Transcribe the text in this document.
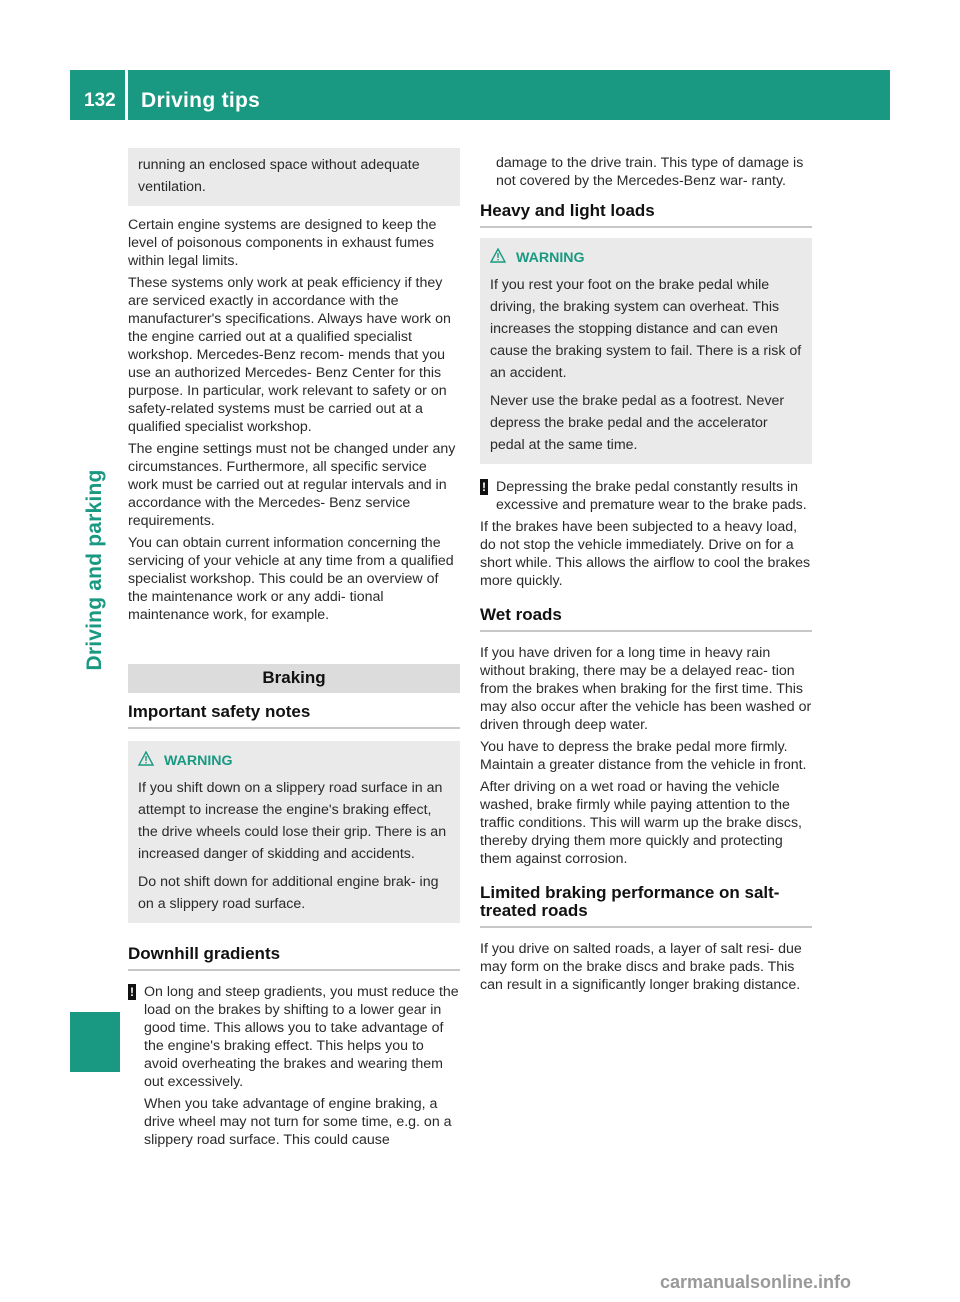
132 Driving tips
Driving and parking

running an enclosed space without adequate ventilation.

Certain engine systems are designed to keep the level of poisonous components in exhaust fumes within legal limits.

These systems only work at peak efficiency if they are serviced exactly in accordance with the manufacturer's specifications. Always have work on the engine carried out at a qualified specialist workshop. Mercedes-Benz recom- mends that you use an authorized Mercedes- Benz Center for this purpose. In particular, work relevant to safety or on safety-related systems must be carried out at a qualified specialist workshop.

The engine settings must not be changed under any circumstances. Furthermore, all specific service work must be carried out at regular intervals and in accordance with the Mercedes- Benz service requirements.

You can obtain current information concerning the servicing of your vehicle at any time from a qualified specialist workshop. This could be an overview of the maintenance work or any addi- tional maintenance work, for example.

Braking
Important safety notes
WARNING

If you shift down on a slippery road surface in an attempt to increase the engine's braking effect, the drive wheels could lose their grip. There is an increased danger of skidding and accidents.

Do not shift down for additional engine brak- ing on a slippery road surface.

Downhill gradients
! On long and steep gradients, you must reduce the load on the brakes by shifting to a lower gear in good time. This allows you to take advantage of the engine's braking effect. This helps you to avoid overheating the brakes and wearing them out excessively.

When you take advantage of engine braking, a drive wheel may not turn for some time, e.g. on a slippery road surface. This could cause

damage to the drive train. This type of damage is not covered by the Mercedes-Benz war- ranty.

Heavy and light loads
WARNING

If you rest your foot on the brake pedal while driving, the braking system can overheat. This increases the stopping distance and can even cause the braking system to fail. There is a risk of an accident.

Never use the brake pedal as a footrest. Never depress the brake pedal and the accelerator pedal at the same time.

! Depressing the brake pedal constantly results in excessive and premature wear to the brake pads.

If the brakes have been subjected to a heavy load, do not stop the vehicle immediately. Drive on for a short while. This allows the airflow to cool the brakes more quickly.

Wet roads

If you have driven for a long time in heavy rain without braking, there may be a delayed reac- tion from the brakes when braking for the first time. This may also occur after the vehicle has been washed or driven through deep water.

You have to depress the brake pedal more firmly. Maintain a greater distance from the vehicle in front.

After driving on a wet road or having the vehicle washed, brake firmly while paying attention to the traffic conditions. This will warm up the brake discs, thereby drying them more quickly and protecting them against corrosion.

Limited braking performance on salt- treated roads

If you drive on salted roads, a layer of salt resi- due may form on the brake discs and brake pads. This can result in a significantly longer braking distance.

carmanualsonline.info
